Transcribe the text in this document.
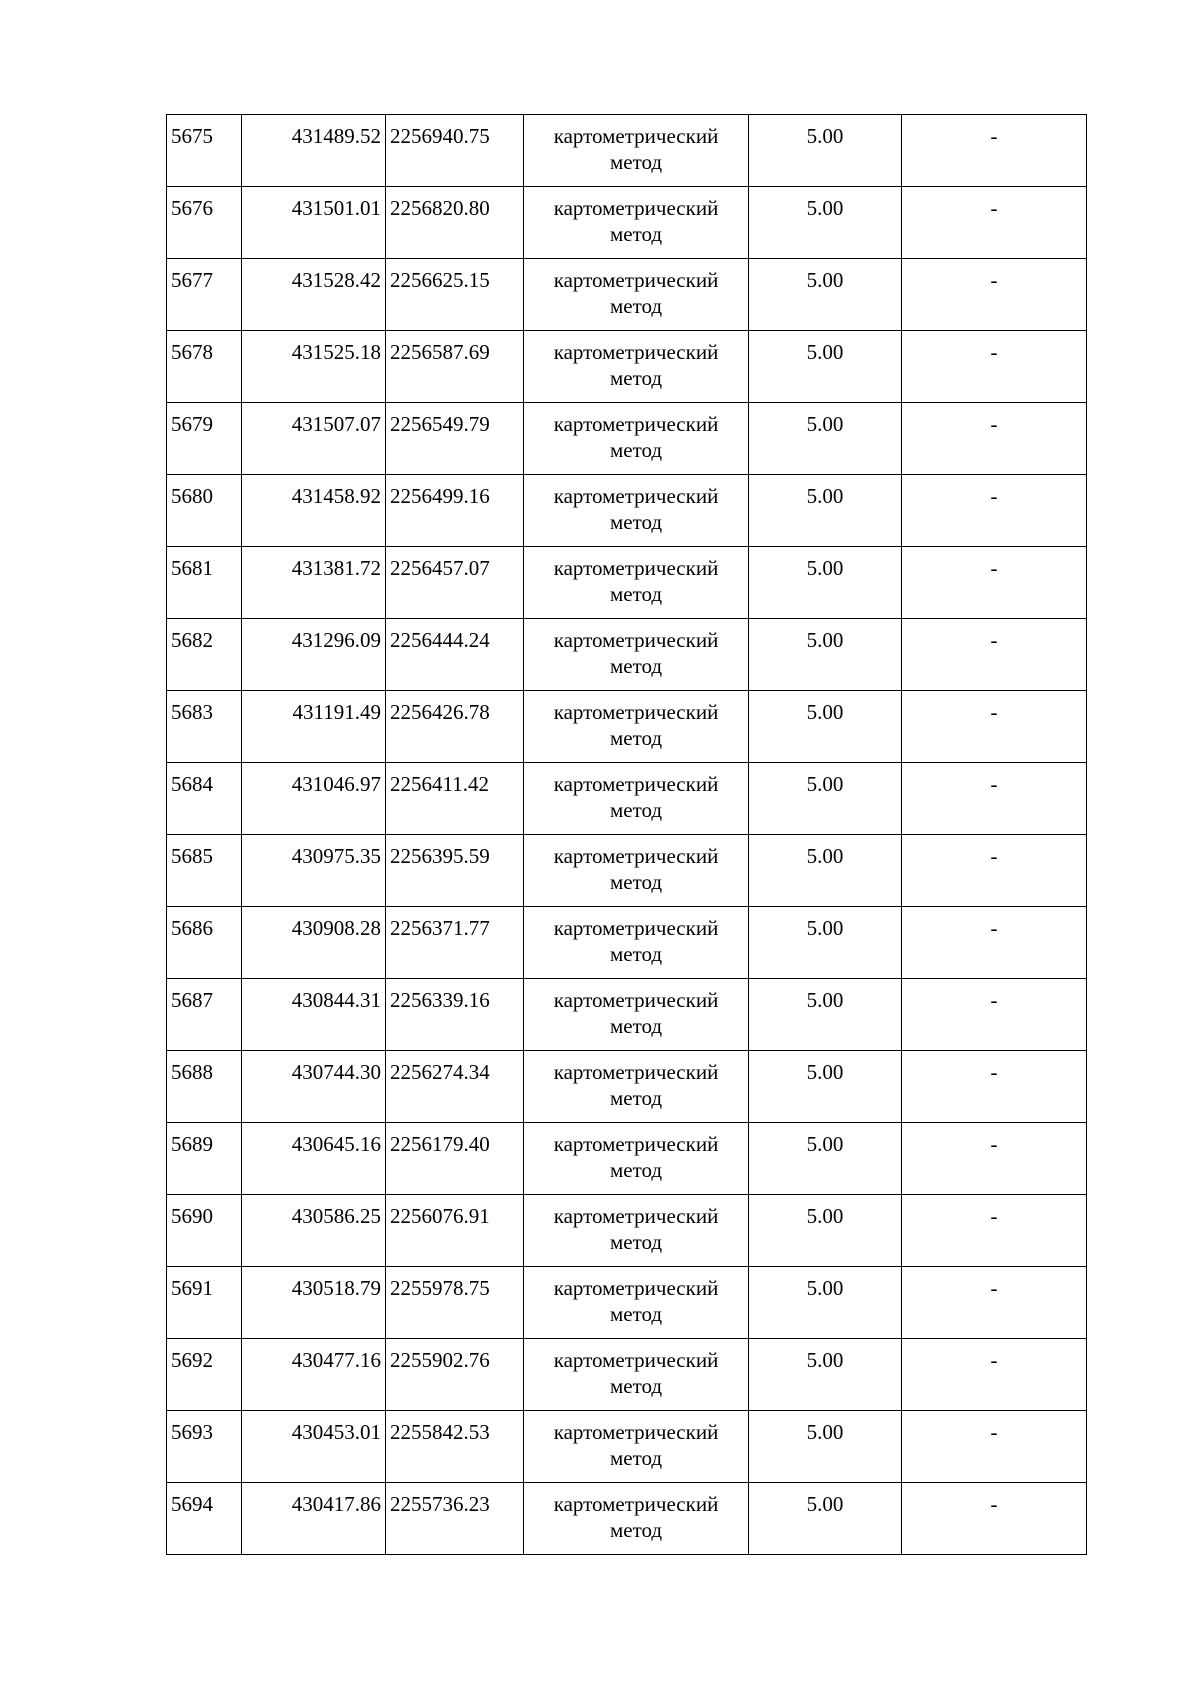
5675	431489.52	2256940.75	картометрический
метод	5.00	-
5676	431501.01	2256820.80	картометрический
метод	5.00	-
5677	431528.42	2256625.15	картометрический
метод	5.00	-
5678	431525.18	2256587.69	картометрический
метод	5.00	-
5679	431507.07	2256549.79	картометрический
метод	5.00	-
5680	431458.92	2256499.16	картометрический
метод	5.00	-
5681	431381.72	2256457.07	картометрический
метод	5.00	-
5682	431296.09	2256444.24	картометрический
метод	5.00	-
5683	431191.49	2256426.78	картометрический
метод	5.00	-
5684	431046.97	2256411.42	картометрический
метод	5.00	-
5685	430975.35	2256395.59	картометрический
метод	5.00	-
5686	430908.28	2256371.77	картометрический
метод	5.00	-
5687	430844.31	2256339.16	картометрический
метод	5.00	-
5688	430744.30	2256274.34	картометрический
метод	5.00	-
5689	430645.16	2256179.40	картометрический
метод	5.00	-
5690	430586.25	2256076.91	картометрический
метод	5.00	-
5691	430518.79	2255978.75	картометрический
метод	5.00	-
5692	430477.16	2255902.76	картометрический
метод	5.00	-
5693	430453.01	2255842.53	картометрический
метод	5.00	-
5694	430417.86	2255736.23	картометрический
метод	5.00	-
